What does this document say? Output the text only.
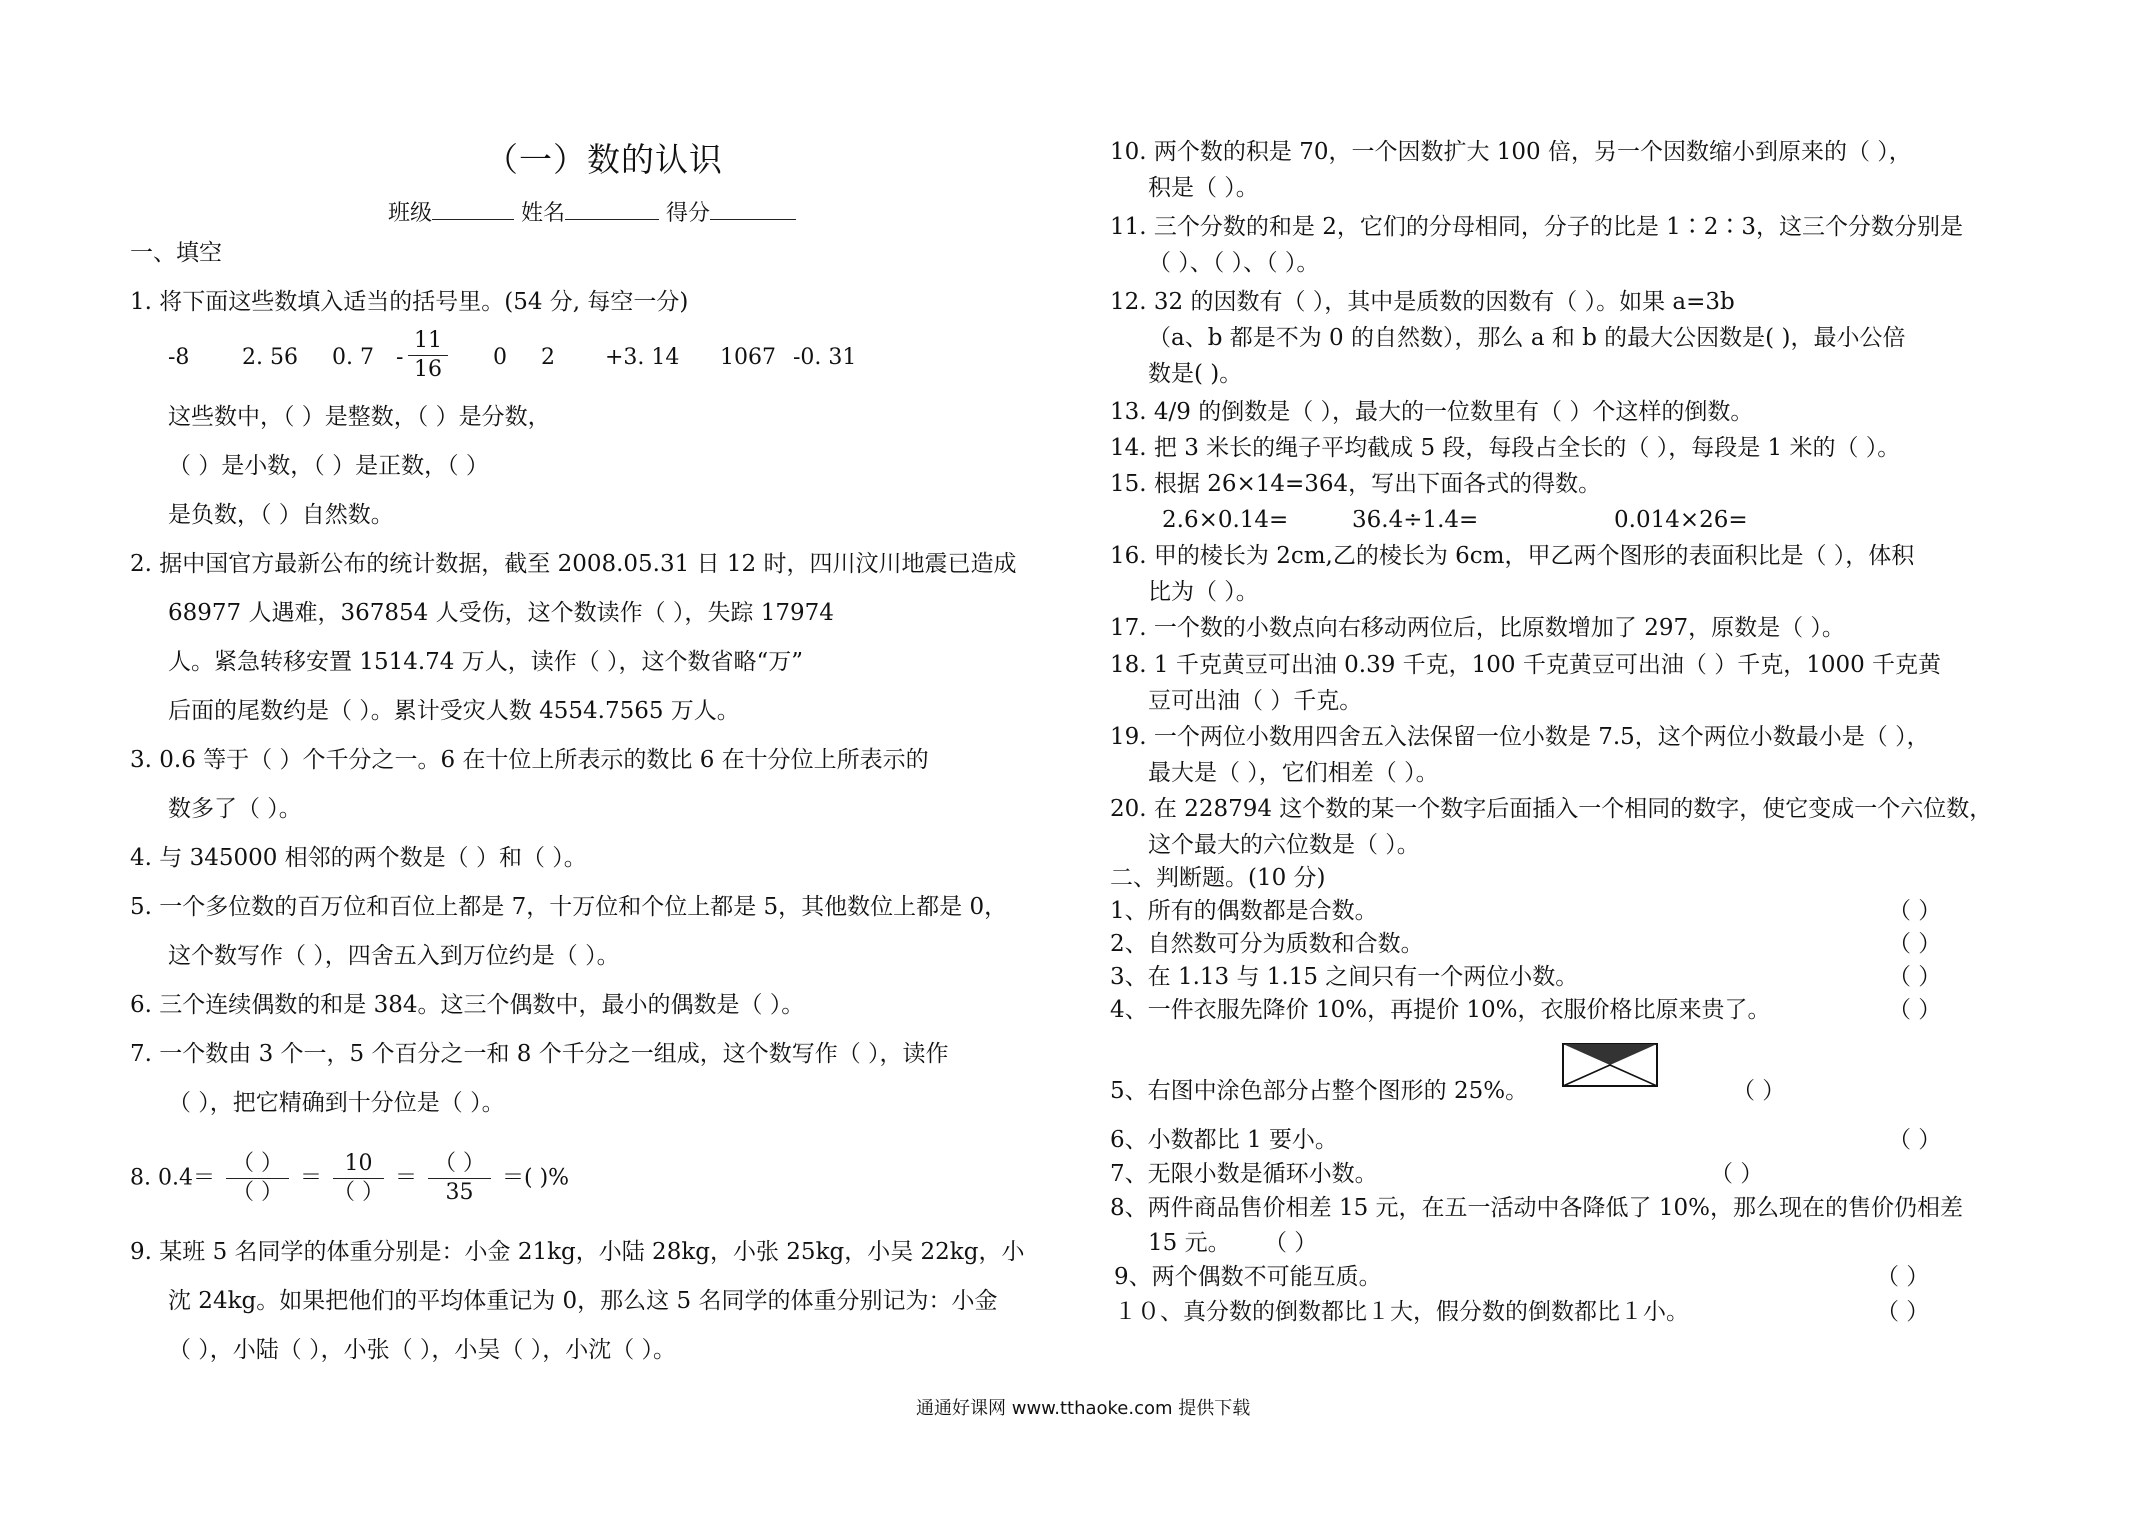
（一）数的认识
班级	姓名	得分
一、填空
1. 将下面这些数填入适当的括号里。(54 分, 每空一分)
-8 2. 56 0. $7 - \frac{11}{16} 0$ 2 +3. 14 1067 -0. 31
这些数中，（ ）是整数，（ ）是分数，
（ ）是小数，（ ）是正数，（ ）
是负数，（ ）自然数。
2. 据中国官方最新公布的统计数据，截至 2008.05.31 日 12 时，四川汶川地震已造成
68977 人遇难，367854 人受伤，这个数读作（ ），失踪 17974
人。紧急转移安置 1514.74 万人，读作（ ），这个数省略“万”
后面的尾数约是（ ）。累计受灾人数 4554.7565 万人。
3. 0.6 等于（ ）个千分之一。6 在十位上所表示的数比 6 在十分位上所表示的
数多了（ ）。
4. 与 345000 相邻的两个数是（ ）和（ ）。
5. 一个多位数的百万位和百位上都是 7，十万位和个位上都是 5，其他数位上都是 0，
这个数写作（ ），四舍五入到万位约是（ ）。
6. 三个连续偶数的和是 384。这三个偶数中，最小的偶数是（ ）。
7. 一个数由 3 个一，5 个百分之一和 8 个千分之一组成，这个数写作（ ），读作
（ ），把它精确到十分位是（ ）。
8. $0.4= \frac{( )}{( )} = \frac{10}{( )} = \frac{( )}{35}$ ＝( )%
9. 某班 5 名同学的体重分别是：小金 21kg，小陆 28kg，小张 25kg，小吴 22kg，小
沈 24kg。如果把他们的平均体重记为 0，那么这 5 名同学的体重分别记为：小金
（ ），小陆（ ），小张（ ），小吴（ ），小沈（ ）。
10. 两个数的积是 70，一个因数扩大 100 倍，另一个因数缩小到原来的（ ），
积是（ ）。
11. 三个分数的和是 2，它们的分母相同，分子的比是 1∶2∶3，这三个分数分别是
（ ）、（ ）、（ ）。
12. 32 的因数有（ ），其中是质数的因数有（ ）。如果 a=3b
（a、b 都是不为 0 的自然数），那么 a 和 b 的最大公因数是( )，最小公倍
数是( )。
13. 4/9 的倒数是（ ），最大的一位数里有（ ）个这样的倒数。
14. 把 3 米长的绳子平均截成 5 段，每段占全长的（ ），每段是 1 米的（ ）。
15. 根据 26×14=364，写出下面各式的得数。
2.6×0.14=	36.4÷1.4=	0.014×26=
16. 甲的棱长为 2cm,乙的棱长为 6cm，甲乙两个图形的表面积比是（ ），体积
比为（ ）。
17. 一个数的小数点向右移动两位后，比原数增加了 297，原数是（ ）。
18. 1 千克黄豆可出油 0.39 千克，100 千克黄豆可出油（ ）千克，1000 千克黄
豆可出油（ ）千克。
19. 一个两位小数用四舍五入法保留一位小数是 7.5，这个两位小数最小是（ ），
最大是（ ），它们相差（ ）。
20. 在 228794 这个数的某一个数字后面插入一个相同的数字，使它变成一个六位数，
这个最大的六位数是（ ）。
二、判断题。(10 分)
1、所有的偶数都是合数。	（ ）
2、自然数可分为质数和合数。	（ ）
3、在 1.13 与 1.15 之间只有一个两位小数。	（ ）
4、一件衣服先降价 10%，再提价 10%，衣服价格比原来贵了。	（ ）
5、右图中涂色部分占整个图形的 25%。	（ ）
6、小数都比 1 要小。	（ ）
7、无限小数是循环小数。	（ ）
8、两件商品售价相差 15 元，在五一活动中各降低了 10%，那么现在的售价仍相差
15 元。 （ ）
9、两个偶数不可能互质。	（ ）
１０、真分数的倒数都比１大，假分数的倒数都比１小。	（ ）
通通好课网 www.tthaoke.com 提供下载
